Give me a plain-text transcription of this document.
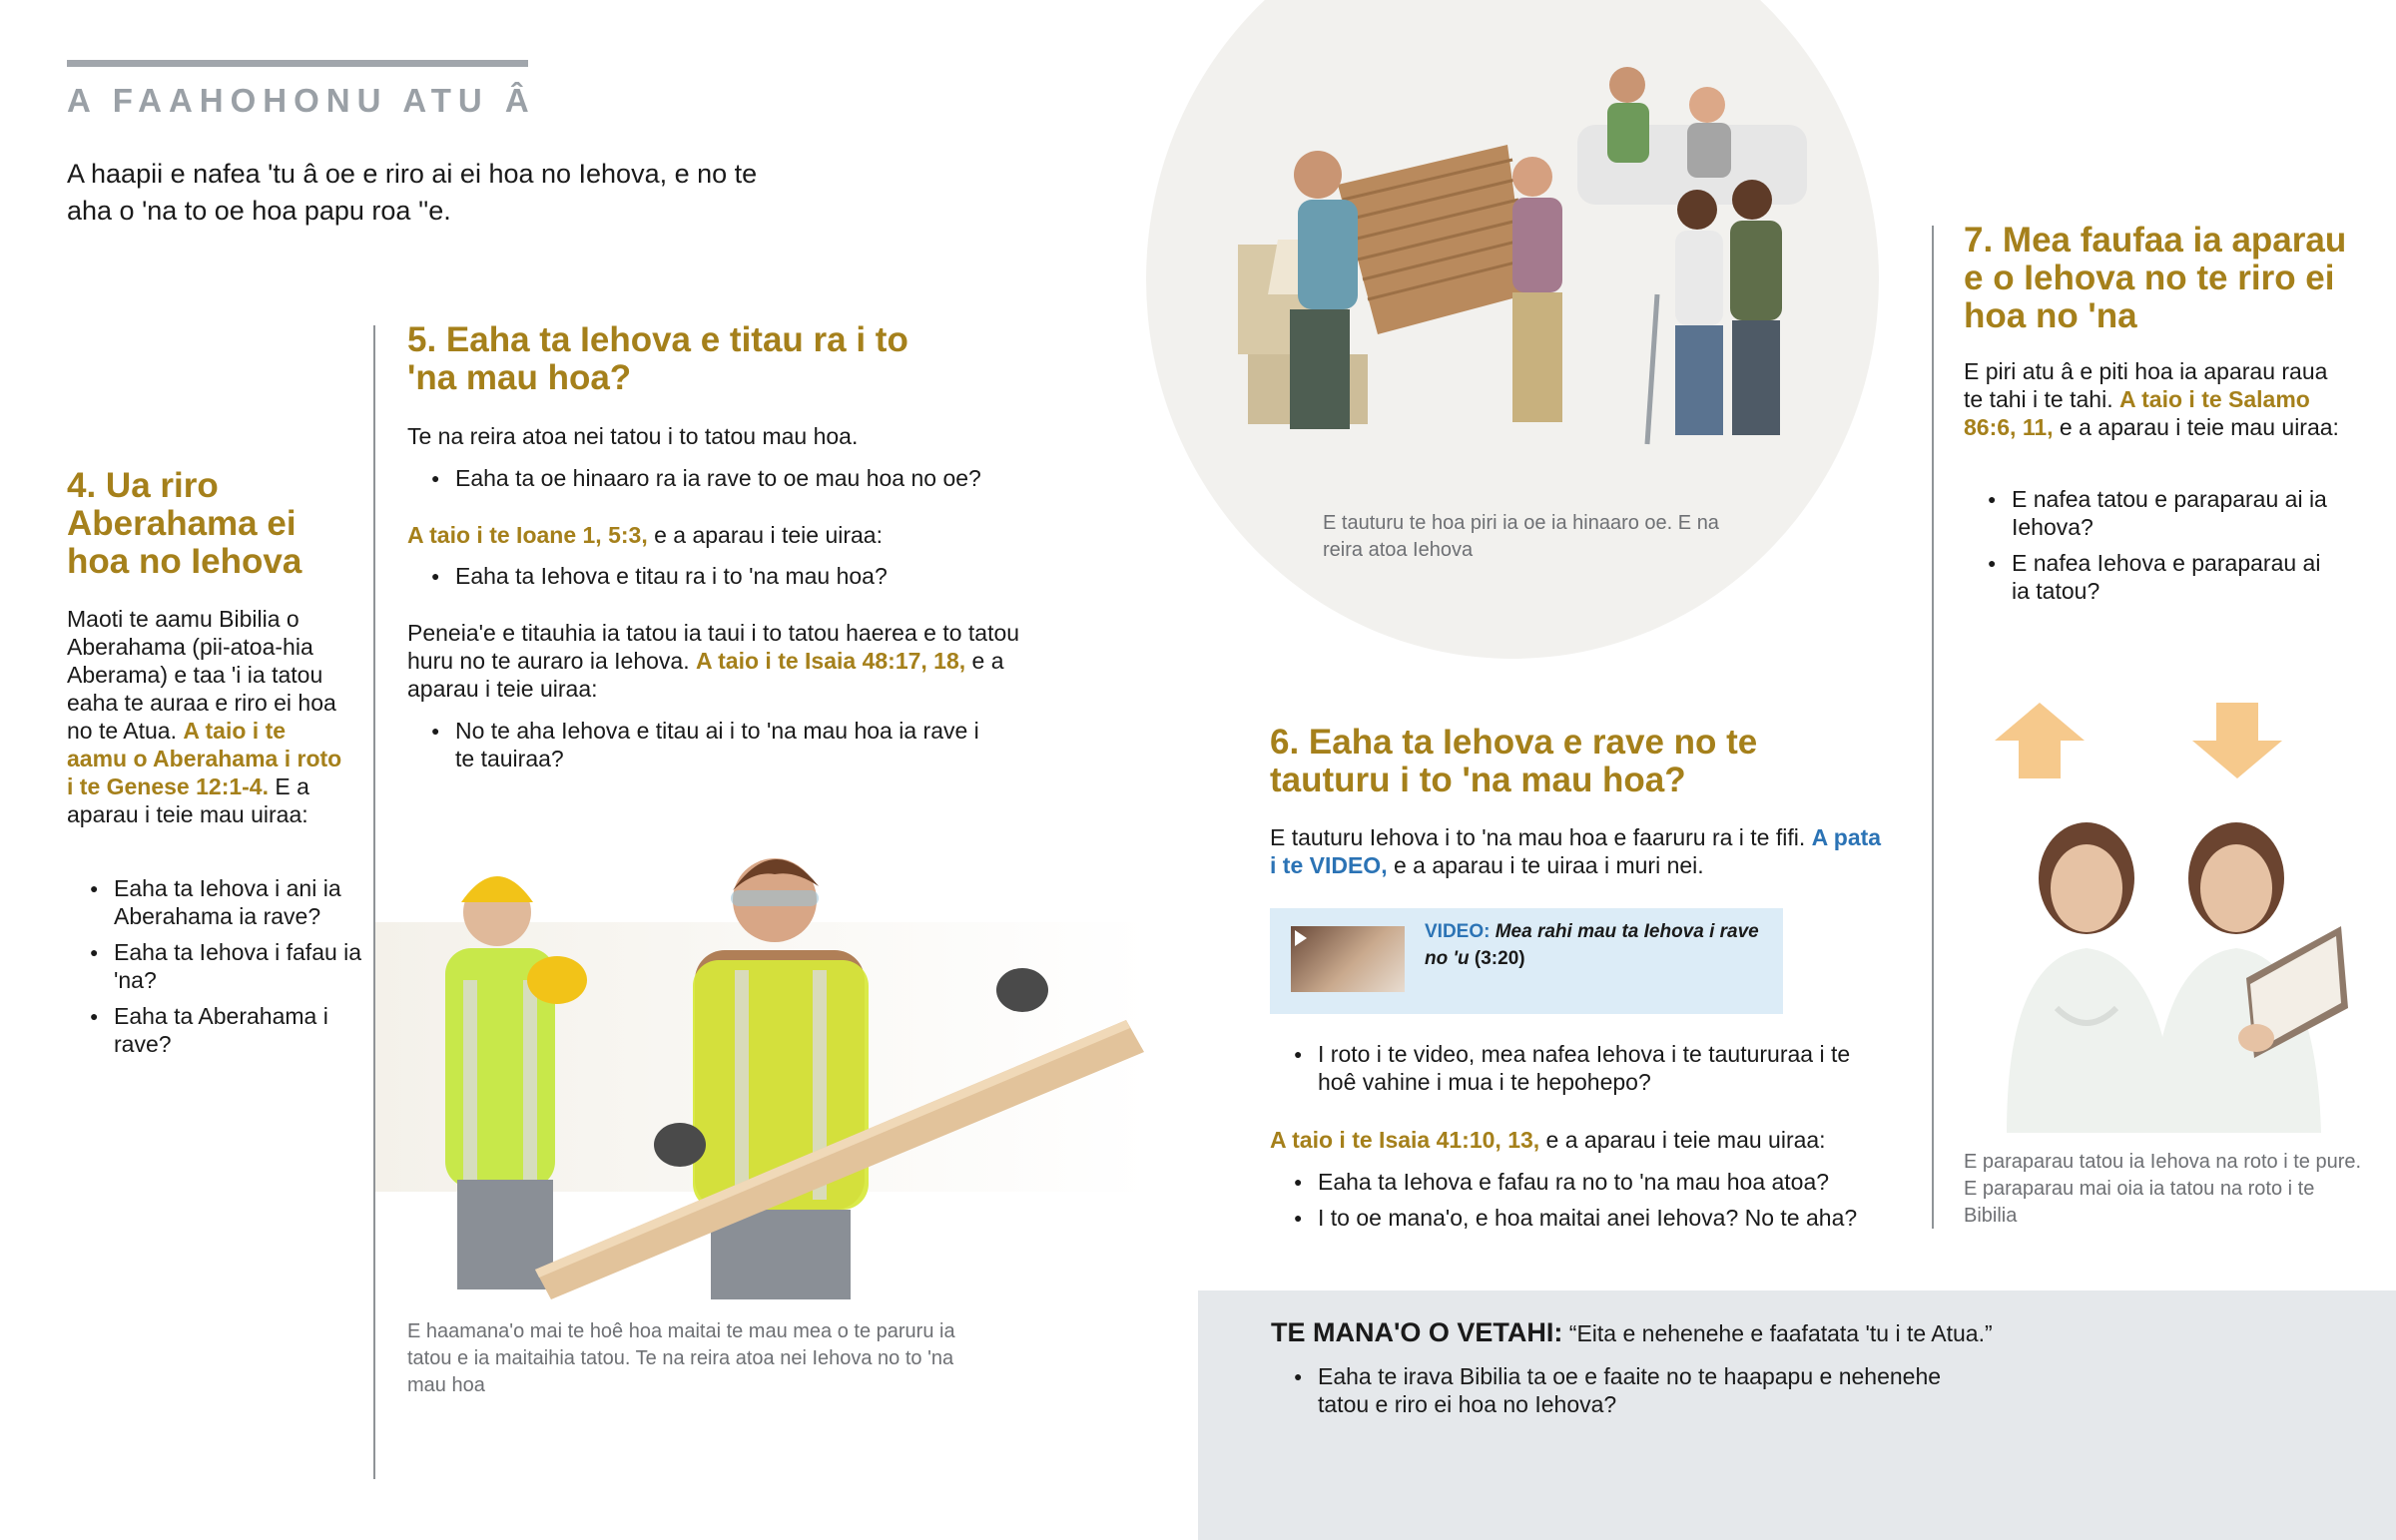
A FAAHOHONU ATU Â
A haapii e nafea 'tu â oe e riro ai ei hoa no Iehova, e no te aha o 'na to oe hoa papu roa ''e.
4. Ua riro Aberahama ei hoa no Iehova
Maoti te aamu Bibilia o Aberahama (pii-atoa-hia Aberama) e taa 'i ia tatou eaha te auraa e riro ei hoa no te Atua. A taio i te aamu o Aberahama i roto i te Genese 12:1-4. E a aparau i teie mau uiraa:
● Eaha ta Iehova i ani ia Aberahama ia rave?
● Eaha ta Iehova i fafau ia 'na?
● Eaha ta Aberahama i rave?
5. Eaha ta Iehova e titau ra i to 'na mau hoa?
Te na reira atoa nei tatou i to tatou mau hoa.
● Eaha ta oe hinaaro ra ia rave to oe mau hoa no oe?
A taio i te Ioane 1, 5:3, e a aparau i teie uiraa:
● Eaha ta Iehova e titau ra i to 'na mau hoa?
Peneia'e e titauhia ia tatou ia taui i to tatou haerea e to tatou huru no te auraro ia Iehova. A taio i te Isaia 48:17, 18, e a aparau i teie uiraa:
● No te aha Iehova e titau ai i to 'na mau hoa ia rave i te tauiraa?
E haamana'o mai te hoê hoa maitai te mau mea o te paruru ia tatou e ia maitaihia tatou. Te na reira atoa nei Iehova no to 'na mau hoa
E tauturu te hoa piri ia oe ia hinaaro oe. E na reira atoa Iehova
6. Eaha ta Iehova e rave no te tauturu i to 'na mau hoa?
E tauturu Iehova i to 'na mau hoa e faaruru ra i te fifi. A pata i te VIDEO, e a aparau i te uiraa i muri nei.
VIDEO: Mea rahi mau ta Iehova i rave no 'u (3:20)
● I roto i te video, mea nafea Iehova i te tautururaa i te hoê vahine i mua i te hepohepo?
A taio i te Isaia 41:10, 13, e a aparau i teie mau uiraa:
● Eaha ta Iehova e fafau ra no to 'na mau hoa atoa?
● I to oe mana'o, e hoa maitai anei Iehova? No te aha?
TE MANA'O O VETAHI: “Eita e nehenehe e faafatata 'tu i te Atua.”
● Eaha te irava Bibilia ta oe e faaite no te haapapu e nehenehe tatou e riro ei hoa no Iehova?
7. Mea faufaa ia aparau e o Iehova no te riro ei hoa no 'na
E piri atu â e piti hoa ia aparau raua te tahi i te tahi. A taio i te Salamo 86:6, 11, e a aparau i teie mau uiraa:
● E nafea tatou e paraparau ai ia Iehova?
● E nafea Iehova e paraparau ai ia tatou?
E paraparau tatou ia Iehova na roto i te pure. E paraparau mai oia ia tatou na roto i te Bibilia
